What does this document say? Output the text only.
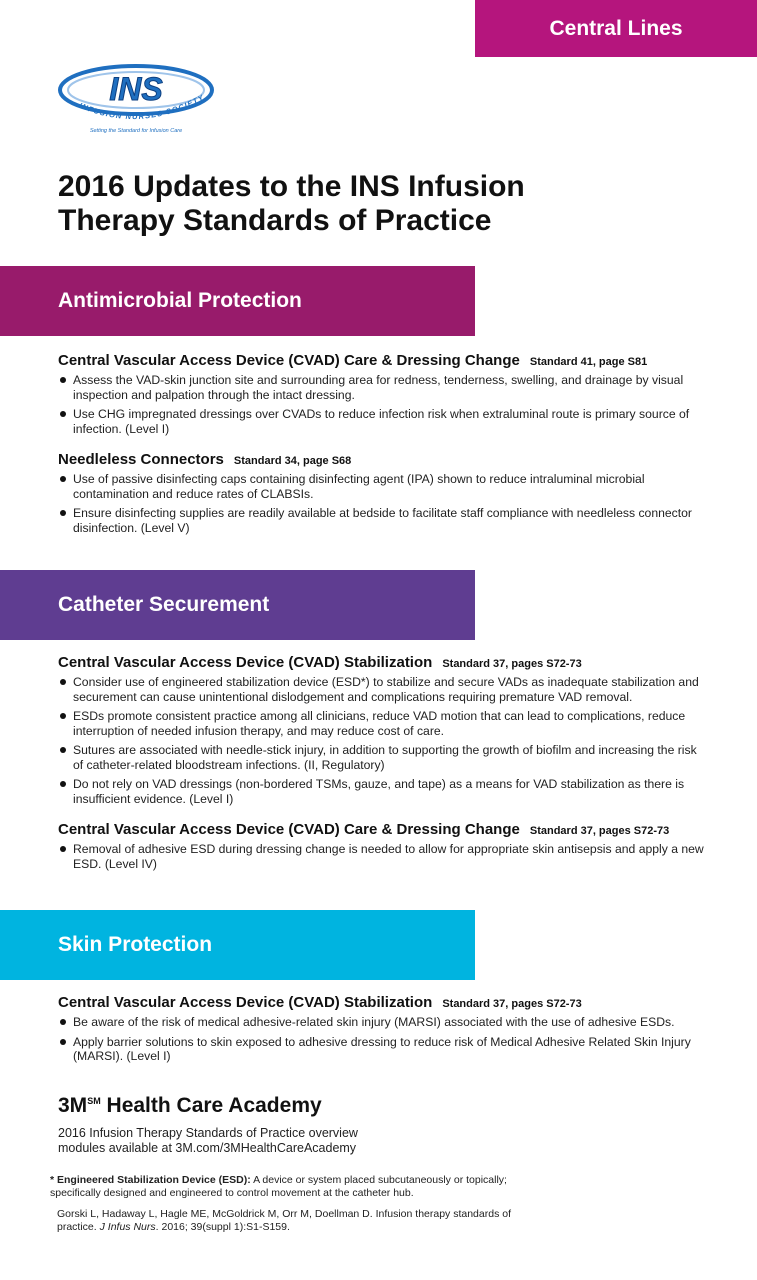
Central Lines
INS
INFUSION NURSES SOCIETY
Setting the Standard for Infusion Care
2016 Updates to the INS Infusion Therapy Standards of Practice
Antimicrobial Protection
Central Vascular Access Device (CVAD) Care & Dressing Change Standard 41, page S81
Assess the VAD-skin junction site and surrounding area for redness, tenderness, swelling, and drainage by visual inspection and palpation through the intact dressing.
Use CHG impregnated dressings over CVADs to reduce infection risk when extraluminal route is primary source of infection. (Level I)
Needleless Connectors Standard 34, page S68
Use of passive disinfecting caps containing disinfecting agent (IPA) shown to reduce intraluminal microbial contamination and reduce rates of CLABSIs.
Ensure disinfecting supplies are readily available at bedside to facilitate staff compliance with needleless connector disinfection. (Level V)
Catheter Securement
Central Vascular Access Device (CVAD) Stabilization Standard 37, pages S72-73
Consider use of engineered stabilization device (ESD*) to stabilize and secure VADs as inadequate stabilization and securement can cause unintentional dislodgement and complications requiring premature VAD removal.
ESDs promote consistent practice among all clinicians, reduce VAD motion that can lead to complications, reduce interruption of needed infusion therapy, and may reduce cost of care.
Sutures are associated with needle-stick injury, in addition to supporting the growth of biofilm and increasing the risk of catheter-related bloodstream infections. (II, Regulatory)
Do not rely on VAD dressings (non-bordered TSMs, gauze, and tape) as a means for VAD stabilization as there is insufficient evidence. (Level I)
Central Vascular Access Device (CVAD) Care & Dressing Change Standard 37, pages S72-73
Removal of adhesive ESD during dressing change is needed to allow for appropriate skin antisepsis and apply a new ESD. (Level IV)
Skin Protection
Central Vascular Access Device (CVAD) Stabilization Standard 37, pages S72-73
Be aware of the risk of medical adhesive-related skin injury (MARSI) associated with the use of adhesive ESDs.
Apply barrier solutions to skin exposed to adhesive dressing to reduce risk of Medical Adhesive Related Skin Injury (MARSI). (Level I)
3M℠ Health Care Academy

2016 Infusion Therapy Standards of Practice overview

modules available at 3M.com/3MHealthCareAcademy

* Engineered Stabilization Device (ESD): A device or system placed subcutaneously or topically; specifically designed and engineered to control movement at the catheter hub.

Gorski L, Hadaway L, Hagle ME, McGoldrick M, Orr M, Doellman D. Infusion therapy standards of practice. J Infus Nurs. 2016; 39(suppl 1):S1-S159.
